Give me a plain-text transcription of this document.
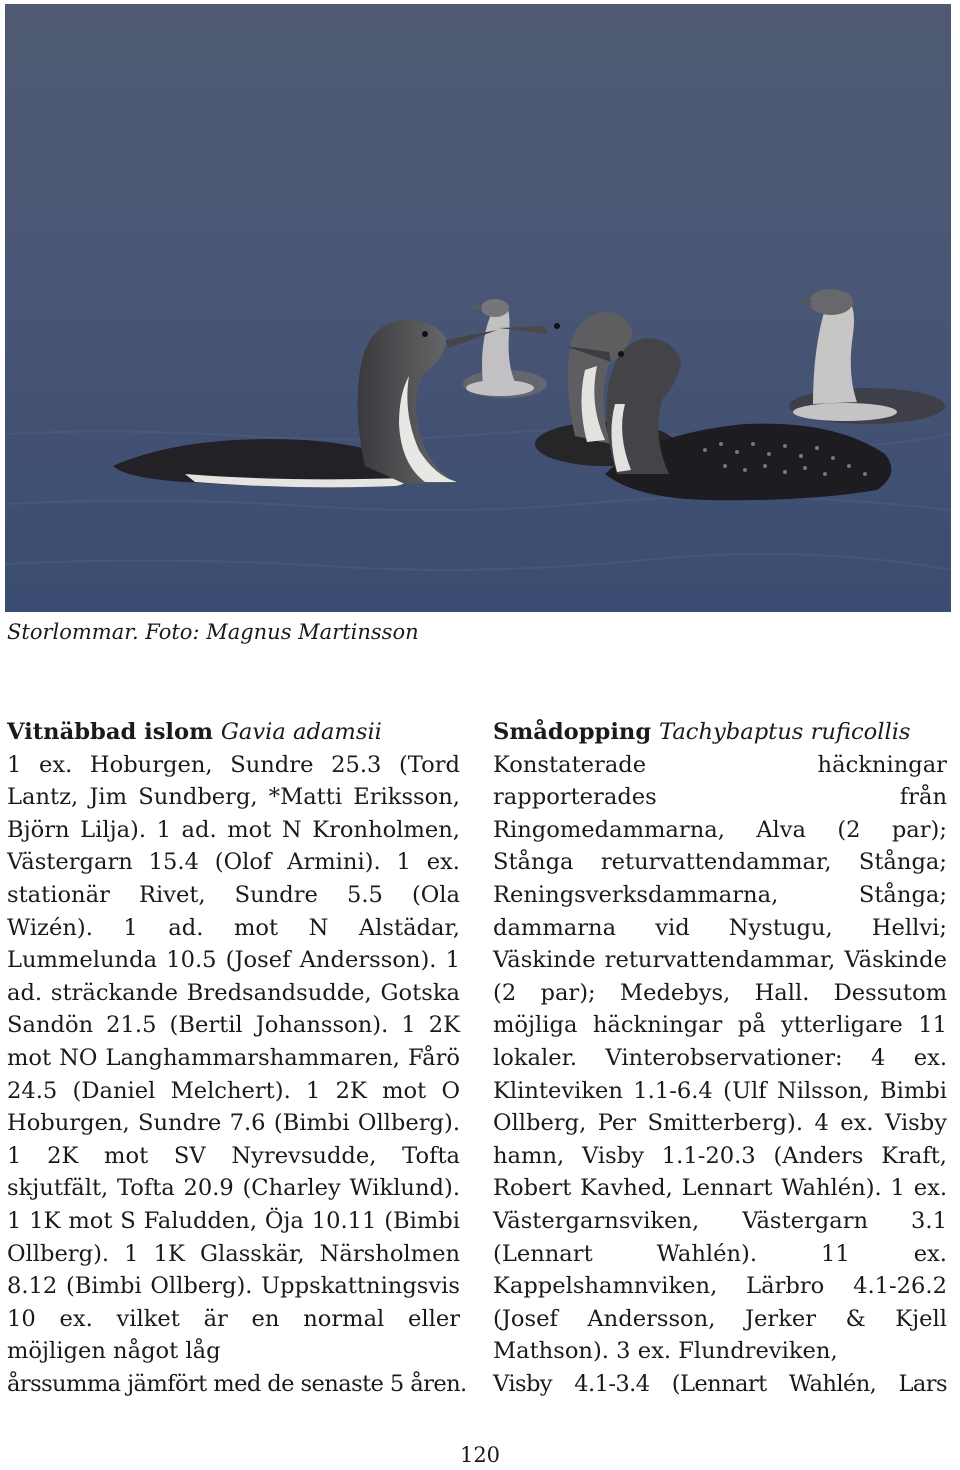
Storlommar. Foto: Magnus Martinsson
Vitnäbbad islom Gavia adamsii
1 ex. Hoburgen, Sundre 25.3 (Tord Lantz, Jim Sundberg, *Matti Eriksson, Björn Lilja). 1 ad. mot N Kronholmen, Västergarn 15.4 (Olof Armini). 1 ex. stationär Rivet, Sundre 5.5 (Ola Wizén). 1 ad. mot N Alstädar, Lummelunda 10.5 (Josef Andersson). 1 ad. sträckande Bredsandsudde, Gotska Sandön 21.5 (Bertil Johansson). 1 2K mot NO Langhammarshammaren, Fårö 24.5 (Daniel Melchert). 1 2K mot O Hoburgen, Sundre 7.6 (Bimbi Ollberg). 1 2K mot SV Nyrevsudde, Tofta skjutfält, Tofta 20.9 (Charley Wiklund). 1 1K mot S Faludden, Öja 10.11 (Bimbi Ollberg). 1 1K Glasskär, Närsholmen 8.12 (Bimbi Ollberg). Uppskattningsvis 10 ex. vilket är en normal eller möjligen något låg
årssumma jämfört med de senaste 5 åren.
Smådopping Tachybaptus ruficollis
Konstaterade häckningar rapporterades från Ringomedammarna, Alva (2 par); Stånga returvattendammar, Stånga; Reningsverksdammarna, Stånga; dammarna vid Nystugu, Hellvi; Väskinde returvattendammar, Väskinde (2 par); Medebys, Hall. Dessutom möjliga häckningar på ytterligare 11 lokaler. Vinterobservationer: 4 ex. Klinteviken 1.1-6.4 (Ulf Nilsson, Bimbi Ollberg, Per Smitterberg). 4 ex. Visby hamn, Visby 1.1-20.3 (Anders Kraft, Robert Kavhed, Lennart Wahlén). 1 ex. Västergarnsviken, Västergarn 3.1 (Lennart Wahlén). 11 ex. Kappelshamnviken, Lärbro 4.1-26.2 (Josef Andersson, Jerker & Kjell Mathson). 3 ex. Flundreviken,
Visby 4.1-3.4 (Lennart Wahlén, Lars
120
